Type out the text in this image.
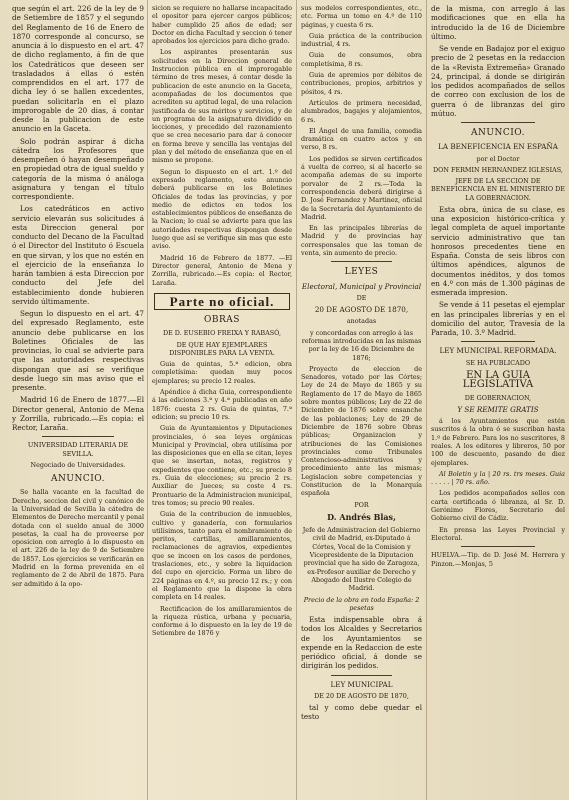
que según el art. 226 de la ley de 9 de Setiembre de 1857 y el segundo del Reglamento de 16 de Enero de 1870 corresponde al concurso, se anuncia á lo dispuesto en el art. 47 de dicho reglamento, á fin de que los Catedráticos que deseen ser trasladados á ellas ó estén comprendidos en el art. 177 de dicha ley ó se hallen excedentes, puedan solicitarla en el plazo improrogable de 20 dias, á contar desde la publicacion de este anuncio en la Gaceta.

Solo podrán aspirar á dicha cátedra los Profesores que desempeñen ó hayan desempeñado en propiedad otra de igual sueldo y categoría de la misma ó análoga asignatura y tengan el título correspondiente.

Los catedráticos en activo servicio elevarán sus solicitudes á esta Direccion general por conducto del Decano de la Facultad ó el Director del Instituto ó Escuela en que sirvan, y los que no estén en el ejercicio de la enseñanza lo harán tambien á esta Direccion por conducto del Jefe del establecimiento donde hubieren servido últimamente.

Segun lo dispuesto en el art. 47 del expresado Reglamento, este anuncio debe publicarse en los Boletines Oficiales de las provincias, lo cual se advierte para que las autoridades respectivas dispongan que así se verifique desde luego sin mas aviso que el presente.

Madrid 16 de Enero de 1877.—El Director general, Antonio de Mena y Zorrilla, rubricado.—Es copia: el Rector, Laraña.

UNIVERSIDAD LITERARIA DE SEVILLA.

Negociado de Universidades.

ANUNCIO.

Se halla vacante en la facultad de Derecho, seccion del civil y canónico de la Universidad de Sevilla la cátedra de Elementos de Derecho mercantil y penal dotada con el sueldo anual de 3000 pesetas, la cual ha de proveerse por oposicion con arreglo á lo dispuesto en el art. 226 de la ley de 9 de Setiembre de 1857. Los ejercicios se verificarán en Madrid en la forma prevenida en el reglamento de 2 de Abril de 1875. Para ser admitido á la opo-

sicion se requiere no hallarse incapacitado el opositor para ejercer cargos públicos; haber cumplido 25 años de edad; ser Doctor en dicha Facultad y seccion ó tener aprobados los ejercicios para dicho grado.

Los aspirantes presentarán sus solicitudes en la Direccion general de Instruccion pública en el improrogable término de tres meses, á contar desde la publicacion de este anuncio en la Gaceta, acompañadas de los documentos que acrediten su aptitud legal, de una relacion justificada de sus méritos y servicios, y de un programa de la asignatura dividido en lecciones, y precedido del razonamiento que se crea necesario para dar á conocer en forma breve y sencilla las ventajas del plan y del método de enseñanza que en el mismo se propone.

Segun lo dispuesto en el art. 1.º del expresado reglamento, este anuncio deberá publicarse en los Boletines Oficiales de todas las provincias, y por medio de edictos en todos los establecimientos públicos de enseñanza de la Nacion; lo cual se advierte para que las autoridades respectivas dispongan desde luego que así se verifique sin mas que este aviso.

Madrid 16 de Febrero de 1877. —El Director general, Antonio de Mena y Zorrilla, rubricado.—Es copia: el Rector, Laraña.

Parte no oficial.

OBRAS

DE D. EUSEBIO FREIXA Y RABASÓ,

DE QUE HAY EJEMPLARES DISPONIBLES PARA LA VENTA.

Guia de quintas, 5.ª edicion, obra completísima: quedan muy pocos ejemplares; su precio 12 reales.

Apéndice á dicha Guia, correspondiente á las ediciones 3.ª y 4.ª publicadas en año 1876: cuesta 2 rs. Guia de quintas, 7.ª edicion; su precio 10 rs.

Guia de Ayuntamientos y Diputaciones provinciales, ó sea leyes orgánicas Municipal y Provincial, obra utilísima por las disposiciones que en ella se citan, leyes que se insertan, notas, registros y expedientes que contiene, etc.; su precio 8 rs. Guia de elecciones; su precio 2 rs. Auxiliar de Jueces; su coste 4 rs. Prontuario de la Administracion municipal, tres tomos; su precio 90 reales.

Guia de la contribucion de inmuebles, cultivo y ganadería, con formularios utilísimos, tanto para el nombramiento de peritos, cartillas, amillaramientos, reclamaciones de agravios, expedientes que se incoen en los casos de perdones, traslaciones, etc., y sobre la liquidacion del cupo en ejercicio. Forma un libro de 224 páginas en 4.º, su precio 12 rs.; y con el Reglamento que la dispone la obra completa en 14 reales.

Rectificacion de los amillaramientos de la riqueza rústica, urbana y pecuaria, conforme á lo dispuesto en la ley de 19 de Setiembre de 1876 y

sus modelos correspondientes, etc., etc. Forma un tomo en 4.º de 110 páginas, y cuesta 6 rs.

Guia práctica de la contribucion industrial, 4 rs.

Guia de consumos, obra completísima, 8 rs.

Guia de apremios por débitos de contribuciones, propios, arbitrios y pósitos, 4 rs.

Artículos de primera necesidad, alumbrados, bagajes y alojamientos, 6 rs.

El Ángel de una familia, comedia dramática en cuatro actos y en verso, 8 rs.

Los pedidos se sirven certificados á vuelta de correo, si al hacerlo se acompaña ademas de su importe porvalor de 2 rs.—Toda la correspondencia deberá dirigirse á D. José Fernandez y Martinez, oficial de la Secretaría del Ayuntamiento de Madrid.

En las principales librerías de Madrid y de provincias hay corresponsales que las toman de venta, sin aumento de precio.

LEYES

Electoral, Municipal y Provincial

DE

20 DE AGOSTO DE 1870,

anotadas

y concordadas con arreglo á las reformas introducidas en las mismas por la ley de 16 de Diciembre de 1876;

Proyecto de eleccion de Senadores, votado por las Córtes; Ley de 24 de Mayo de 1865 y su Reglamento de 17 de Mayo de 1865 sobre montes públicos; Ley de 22 de Diciembre de 1876 sobre ensanche de las poblaciones; Ley de 29 de Diciembre de 1876 sobre Obras públicas; Organizacion y atribuciones de las Comisiones provinciales como Tribunales Contencioso-administrativos y procedimiento ante las mismas; Legislacion sobre competencias y Constitucion de la Monarquía española

POR

D. Andrés Blas,

Jefe de Administracion del Gobierno civil de Madrid, ex-Diputado á Córtes, Vocal de la Comision y Vicepresidente de la Diputacion provincial que ha sido de Zaragoza, ex-Profesor auxiliar de Derecho y Abogado del Ilustre Colegio de Madrid.

Precio de la obra en toda España: 2 pesetas

Esta indispensable obra á todos los Alcaldes y Secretarios de los Ayuntamientos se expende en la Redaccion de este periódico oficial, á donde se dirigirán los pedidos.

LEY MUNICIPAL

DE 20 DE AGOSTO DE 1870,

tal y como debe quedar el testo

de la misma, con arreglo á las modificaciones que en ella ha introducido la de 16 de Diciembre último.

Se vende en Badajoz por el exiguo precio de 2 pesetas en la redaccion de la «Revista Extremeña» Granado 24, principal, á donde se dirigirán los pedidos acompañados de sellos de correo con exclusion de los de guerra ó de libranzas del giro mútuo.

ANUNCIO.

LA BENEFICENCIA EN ESPAÑA

por el Doctor

DON FERMIN HERNANDEZ IGLESIAS,

JEFE DE LA SECCION DE BENEFICENCIA EN EL MINISTERIO DE LA GOBERNACION.

Esta obra, única de su clase, es una exposicion histórico-crítica y legal completa de aquel importante servicio administrativo que tan honrosos precedentes tiene en España. Consta de seis libros con últimos apéndices, algunos de documentos inéditos, y dos tomos en 4.º con más de 1.300 páginas de esmerada impresion.

Se vende á 11 pesetas el ejemplar en las principales librerías y en el domicilio del autor, Travesía de la Parada, 10. 3.º Madrid.

LEY MUNICIPAL REFORMADA.

SE HA PUBLICADO

EN LA GUIA LEGISLATIVA

DE GOBERNACION,

Y SE REMITE GRATIS

á los Ayuntamientos que estén suscritos á la obra ó se suscriban hasta 1.º de Febrero. Para los no suscritores, 8 reales. A los editores y libreros, 50 por 100 de descuento, pasando de diez ejemplares.

Al Boletin y la | 20 rs. trs meses. Guia . . . . . | 70 rs. año.

Los pedidos acompañados sellos con carta certificada ó libranza, al Sr. D. Gerónimo Flores, Secretario del Gobierno civil de Cádiz.

En prensa las Leyes Provincial y Electoral.

HUELVA.—Tip. de D. José M. Herrera y Pinzon.—Monjas, 5
